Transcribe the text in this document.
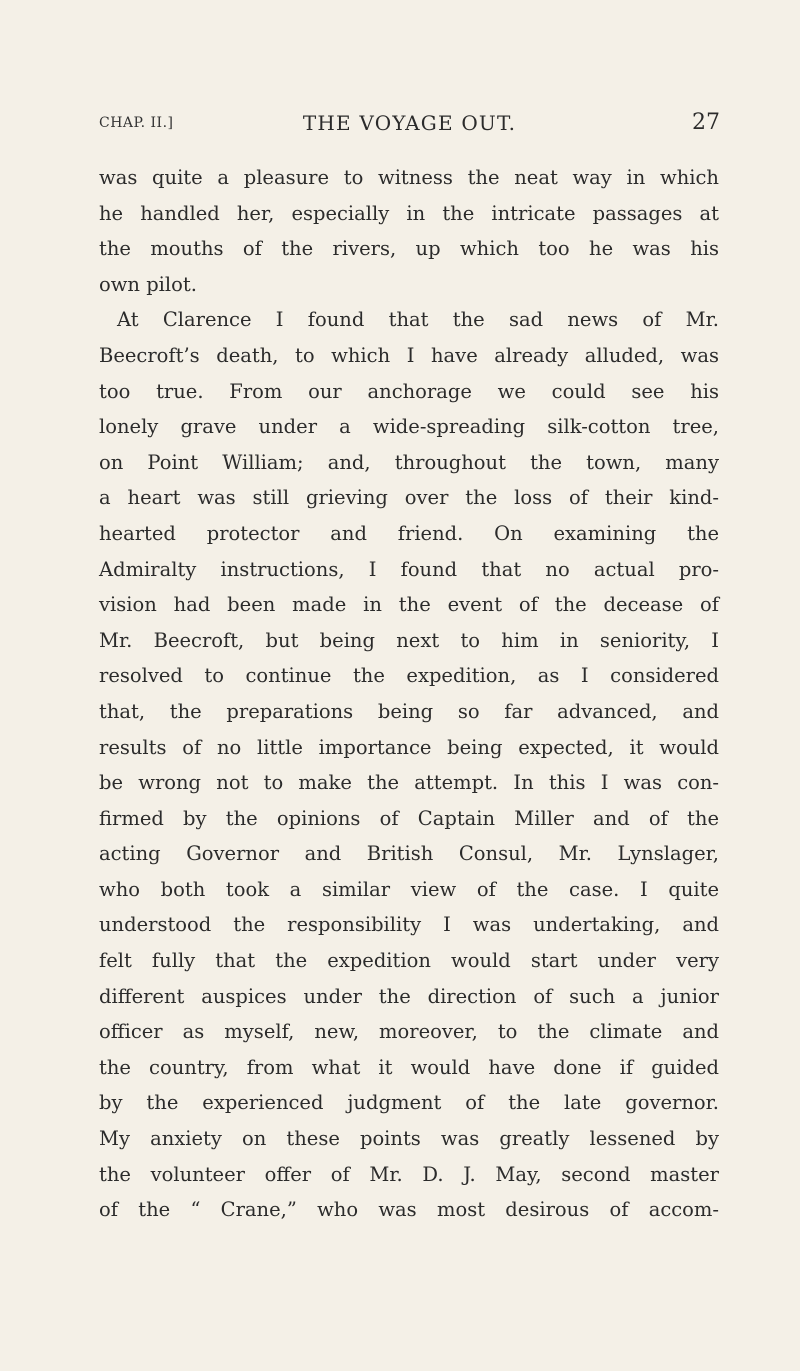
CHAP. II.]	THE VOYAGE OUT.	27
was quite a pleasure to witness the neat way in which
he handled her, especially in the intricate passages at
the mouths of the rivers, up which too he was his
own pilot.
At Clarence I found that the sad news of Mr.
Beecroft’s death, to which I have already alluded, was
too true. From our anchorage we could see his
lonely grave under a wide-spreading silk-cotton tree,
on Point William; and, throughout the town, many
a heart was still grieving over the loss of their kind-
hearted protector and friend. On examining the
Admiralty instructions, I found that no actual pro-
vision had been made in the event of the decease of
Mr. Beecroft, but being next to him in seniority, I
resolved to continue the expedition, as I considered
that, the preparations being so far advanced, and
results of no little importance being expected, it would
be wrong not to make the attempt. In this I was con-
firmed by the opinions of Captain Miller and of the
acting Governor and British Consul, Mr. Lynslager,
who both took a similar view of the case. I quite
understood the responsibility I was undertaking, and
felt fully that the expedition would start under very
different auspices under the direction of such a junior
officer as myself, new, moreover, to the climate and
the country, from what it would have done if guided
by the experienced judgment of the late governor.
My anxiety on these points was greatly lessened by
the volunteer offer of Mr. D. J. May, second master
of the “ Crane,” who was most desirous of accom-
